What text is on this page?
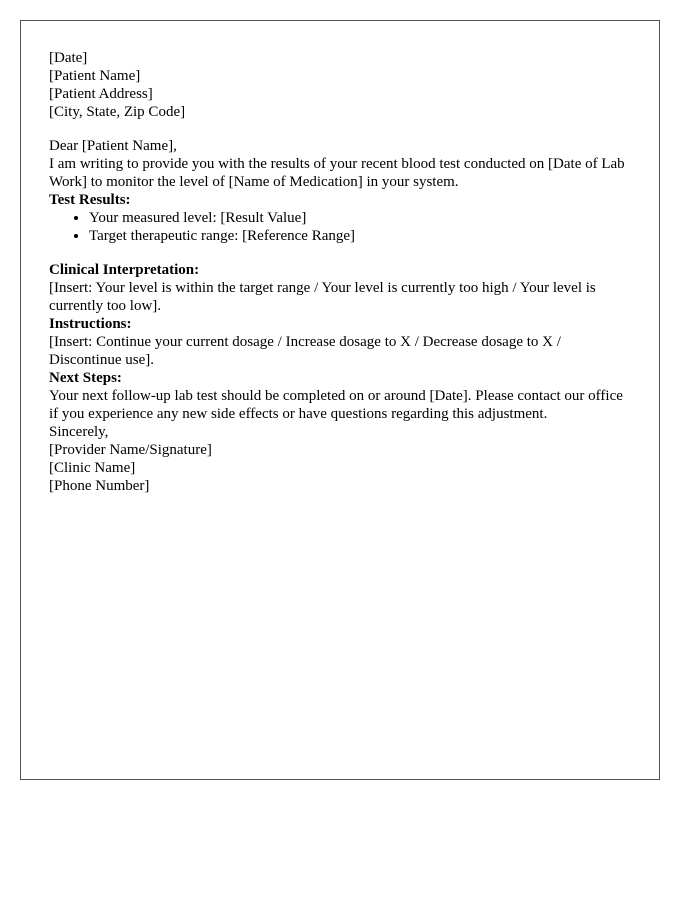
[Date]

[Patient Name]
[Patient Address]
[City, State, Zip Code]

Dear [Patient Name],

I am writing to provide you with the results of your recent blood test conducted on [Date of Lab Work] to monitor the level of [Name of Medication] in your system.

Test Results:

• Your measured level: [Result Value]
• Target therapeutic range: [Reference Range]

Clinical Interpretation:

[Insert: Your level is within the target range / Your level is currently too high / Your level is currently too low].

Instructions:

[Insert: Continue your current dosage / Increase dosage to X / Decrease dosage to X / Discontinue use].

Next Steps:

Your next follow-up lab test should be completed on or around [Date]. Please contact our office if you experience any new side effects or have questions regarding this adjustment.

Sincerely,

[Provider Name/Signature]
[Clinic Name]
[Phone Number]
